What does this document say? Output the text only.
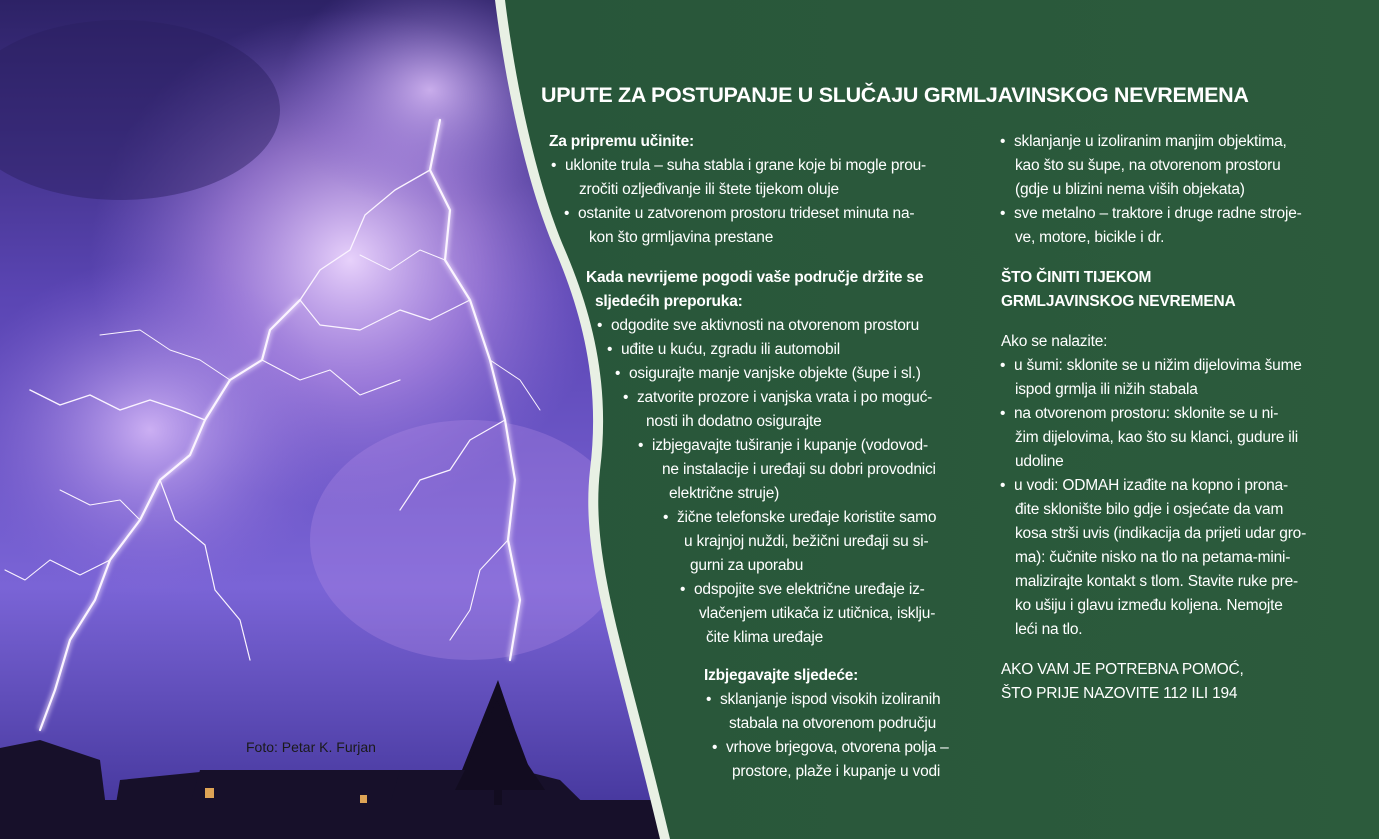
UPUTE ZA POSTUPANJE U SLUČAJU GRMLJAVINSKOG NEVREMENA
Za pripremu učinite:
• uklonite trula – suha stabla i grane koje bi mogle prou-
zročiti ozljeđivanje ili štete tijekom oluje
• ostanite u zatvorenom prostoru trideset minuta na-
kon što grmljavina prestane
Kada nevrijeme pogodi vaše područje držite se
sljedećih preporuka:
• odgodite sve aktivnosti na otvorenom prostoru
• uđite u kuću, zgradu ili automobil
• osigurajte manje vanjske objekte (šupe i sl.)
• zatvorite prozore i vanjska vrata i po moguć-
nosti ih dodatno osigurajte
• izbjegavajte tuširanje i kupanje (vodovod-
ne instalacije i uređaji su dobri provodnici
električne struje)
• žične telefonske uređaje koristite samo
u krajnjoj nuždi, bežični uređaji su si-
gurni za uporabu
• odspojite sve električne uređaje iz-
vlačenjem utikača iz utičnica, isklju-
čite klima uređaje
Izbjegavajte sljedeće:
• sklanjanje ispod visokih izoliranih
stabala na otvorenom području
• vrhove brjegova, otvorena polja –
prostore, plaže i kupanje u vodi
• sklanjanje u izoliranim manjim objektima,
kao što su šupe, na otvorenom prostoru
(gdje u blizini nema viših objekata)
• sve metalno – traktore i druge radne stroje-
ve, motore, bicikle i dr.
ŠTO ČINITI TIJEKOM
GRMLJAVINSKOG NEVREMENA
Ako se nalazite:
• u šumi: sklonite se u nižim dijelovima šume
ispod grmlja ili nižih stabala
• na otvorenom prostoru: sklonite se u ni-
žim dijelovima, kao što su klanci, gudure ili
udoline
• u vodi: ODMAH izađite na kopno i prona-
đite sklonište bilo gdje i osjećate da vam
kosa strši uvis (indikacija da prijeti udar gro-
ma): čučnite nisko na tlo na petama-mini-
malizirajte kontakt s tlom. Stavite ruke pre-
ko ušiju i glavu između koljena. Nemojte
leći na tlo.
AKO VAM JE POTREBNA POMOĆ,
ŠTO PRIJE NAZOVITE 112 ILI 194
Foto: Petar K. Furjan
